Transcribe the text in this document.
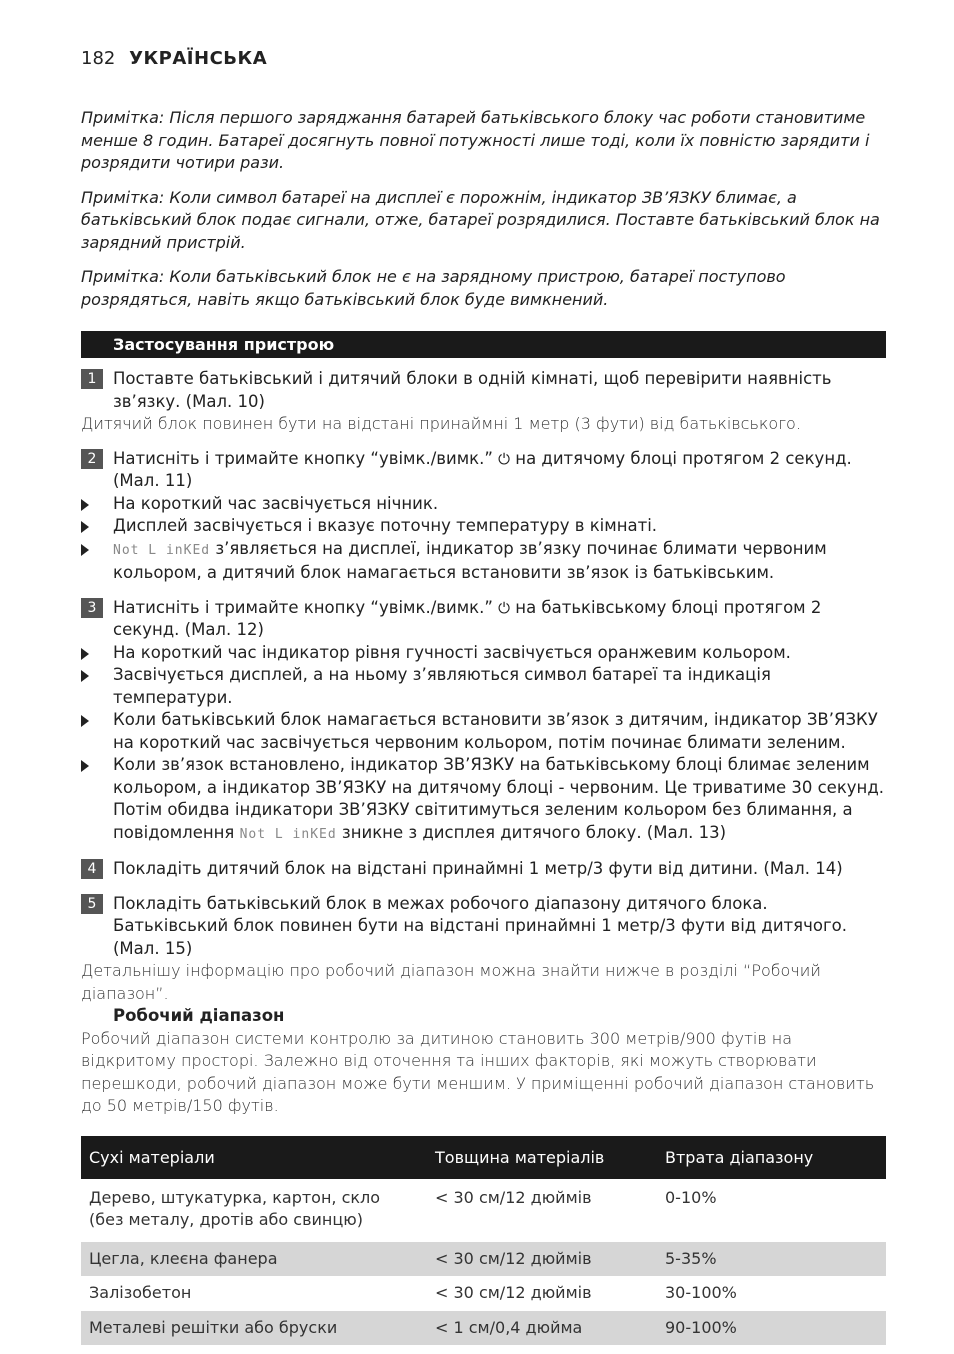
182 УКРАЇНСЬКА

Примітка: Після першого заряджання батарей батьківського блоку час роботи становитиме менше 8 годин. Батареї досягнуть повної потужності лише тоді, коли їх повністю зарядити і розрядити чотири рази.

Примітка: Коли символ батареї на дисплеї є порожнім, індикатор ЗВ’ЯЗКУ блимає, а батьківський блок подає сигнали, отже, батареї розрядилися. Поставте батьківський блок на зарядний пристрій.

Примітка: Коли батьківський блок не є на зарядному пристрою, батареї поступово розрядяться, навіть якщо батьківський блок буде вимкнений.

Застосування пристрою
1	Поставте батьківський і дитячий блоки в одній кімнаті, щоб перевірити наявність зв’язку. (Мал. 10)
Дитячий блок повинен бути на відстані принаймні 1 метр (3 фути) від батьківського.
2	Натисніть і тримайте кнопку “увімк./вимк.” ⏻ на дитячому блоці протягом 2 секунд. (Мал. 11)
На короткий час засвічується нічник.
Дисплей засвічується і вказує поточну температуру в кімнаті.
Not L inKEd з’являється на дисплеї, індикатор зв’язку починає блимати червоним кольором, а дитячий блок намагається встановити зв’язок із батьківським.
3	Натисніть і тримайте кнопку “увімк./вимк.” ⏻ на батьківському блоці протягом 2 секунд. (Мал. 12)
На короткий час індикатор рівня гучності засвічується оранжевим кольором.
Засвічується дисплей, а на ньому з’являються символ батареї та індикація температури.
Коли батьківський блок намагається встановити зв’язок з дитячим, індикатор ЗВ’ЯЗКУ на короткий час засвічується червоним кольором, потім починає блимати зеленим.
Коли зв’язок встановлено, індикатор ЗВ’ЯЗКУ на батьківському блоці блимає зеленим кольором, а індикатор ЗВ’ЯЗКУ на дитячому блоці - червоним. Це триватиме 30 секунд. Потім обидва індикатори ЗВ’ЯЗКУ світитимуться зеленим кольором без блимання, а повідомлення Not L inKEd зникне з дисплея дитячого блоку. (Мал. 13)
4	Покладіть дитячий блок на відстані принаймні 1 метр/3 фути від дитини. (Мал. 14)
5	Покладіть батьківський блок в межах робочого діапазону дитячого блока. Батьківський блок повинен бути на відстані принаймні 1 метр/3 фути від дитячого. (Мал. 15)
Детальнішу інформацію про робочий діапазон можна знайти нижче в розділі “Робочий діапазон”.
Робочий діапазон
Робочий діапазон системи контролю за дитиною становить 300 метрів/900 футів на відкритому просторі. Залежно від оточення та інших факторів, які можуть створювати перешкоди, робочий діапазон може бути меншим. У приміщенні робочий діапазон становить до 50 метрів/150 футів.
Сухі матеріали	Товщина матеріалів	Втрата діапазону
Дерево, штукатурка, картон, скло (без металу, дротів або свинцю)	< 30 см/12 дюймів	0-10%
Цегла, клеєна фанера	< 30 см/12 дюймів	5-35%
Залізобетон	< 30 см/12 дюймів	30-100%
Металеві решітки або бруски	< 1 см/0,4 дюйма	90-100%
